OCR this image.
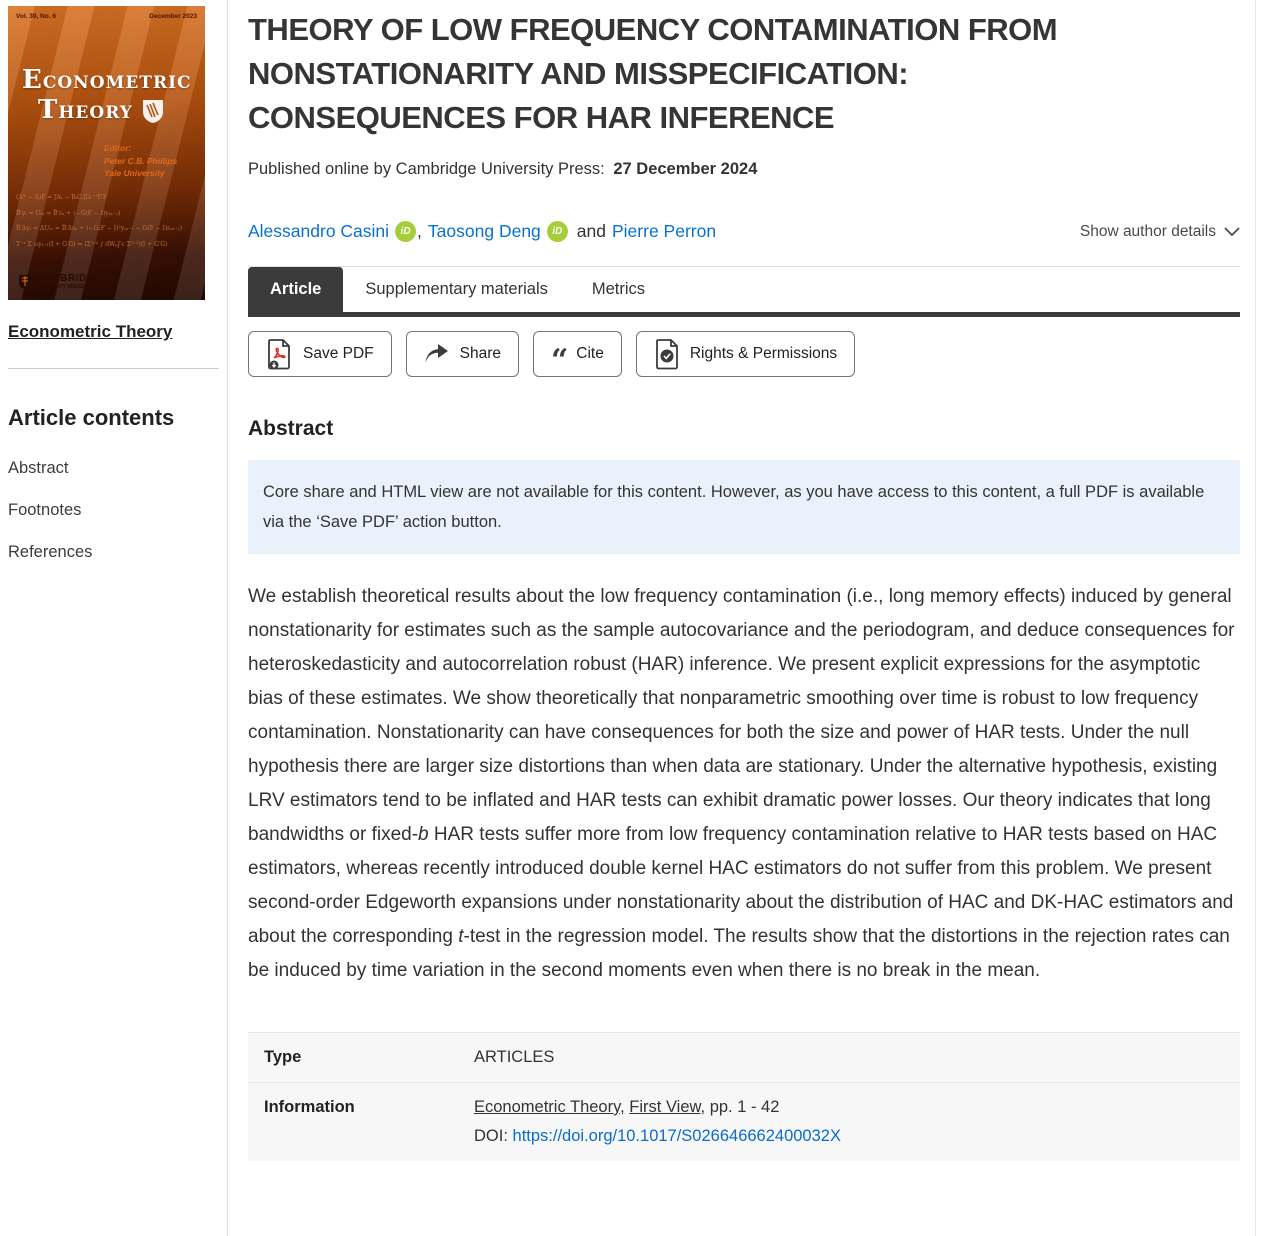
Vol. 39, No. 6	December 2023
ECONOMETRIC
THEORY
Editor:
Peter C.B. Phillips
Yale University
(Â* − A)F = [Aₜ − BₜCₜ]Dₜ⁻¹F′F
B̄′yₜ = Uₜₐ = B̄′εₐ + (−G(F − I)yₜₐ₋₁)
B̄′Δyₜ = ΔUₜₐ = B̄′Δεₐ + (−G(F − I)²yₜₐ₋₁ − G(F − I)εₜₐ₋₁)
T⁻¹ Σ εₜyₜ₋₁(I + G′G) ⇒ (Σ¹ᐟ² ∫ dWₚJ′c Σ¹ᐟ²)(I + G′G)
CAMBRIDGE
UNIVERSITY PRESS
Econometric Theory
Article contents
Abstract
Footnotes
References
THEORY OF LOW FREQUENCY CONTAMINATION FROM
NONSTATIONARITY AND MISSPECIFICATION:
CONSEQUENCES FOR HAR INFERENCE

Published online by Cambridge University Press: 27 December 2024

Alessandro Casini	iD , Taosong Deng	iD and Pierre Perron	Show author details
Article	Supplementary materials	Metrics
Save PDF	Share “ Cite	Rights & Permissions
Abstract
Core share and HTML view are not available for this content. However, as you have access to this content, a full PDF is available via the ‘Save PDF’ action button.

We establish theoretical results about the low frequency contamination (i.e., long memory effects) induced by general nonstationarity for estimates such as the sample autocovariance and the periodogram, and deduce consequences for heteroskedasticity and autocorrelation robust (HAR) inference. We present explicit expressions for the asymptotic bias of these estimates. We show theoretically that nonparametric smoothing over time is robust to low frequency contamination. Nonstationarity can have consequences for both the size and power of HAR tests. Under the null hypothesis there are larger size distortions than when data are stationary. Under the alternative hypothesis, existing LRV estimators tend to be inflated and HAR tests can exhibit dramatic power losses. Our theory indicates that long bandwidths or fixed-b HAR tests suffer more from low frequency contamination relative to HAR tests based on HAC estimators, whereas recently introduced double kernel HAC estimators do not suffer from this problem. We present second-order Edgeworth expansions under nonstationarity about the distribution of HAC and DK-HAC estimators and about the corresponding t-test in the regression model. The results show that the distortions in the rejection rates can be induced by time variation in the second moments even when there is no break in the mean.

Type	ARTICLES
Information	Econometric Theory, First View, pp. 1 - 42
DOI: https://doi.org/10.1017/S026646662400032X
